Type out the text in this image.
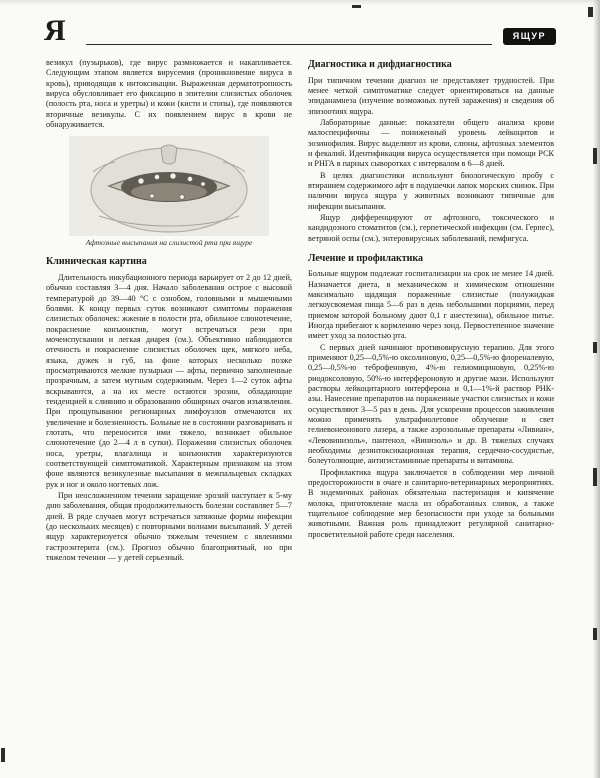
Я	ЯЩУР

везикул (пузырьков), где вирус размножается и накапливается. Следующим этапом является вирусемия (проникновение вируса в кровь), приводящая к интоксикации. Выраженная дерматотропность вируса обусловливает его фиксацию в эпителии слизистых оболочек (полость рта, носа и уретры) и кожи (кисти и стопы), где появляются вторичные везикулы. С их появлением вирус в крови не обнаруживается.

Афтозные высыпания на слизистой рта при ящуре
Клиническая картина

Длительность инкубационного периода варьирует от 2 до 12 дней, обычно составляя 3—4 дня. Начало заболевания острое с высокой температурой до 39—40 °C с ознобом, головными и мышечными болями. К концу первых суток возникают симптомы поражения слизистых оболочек: жжение в полости рта, обильное слюнотечение, покраснение конъюнктив, могут встречаться рези при мочеиспускании и легкая диарея (см.). Объективно наблюдаются отечность и покраснение слизистых оболочек щек, мягкого неба, языка, дужек и губ, на фоне которых несколько позже просматриваются мелкие пузырьки — афты, первично заполненные прозрачным, а затем мутным содержимым. Через 1—2 суток афты вскрываются, а на их месте остаются эрозии, обладающие тенденцией к слиянию и образованию обширных очагов изъязвления. При прощупывании регионарных лимфоузлов отмечаются их увеличение и болезненность. Больные не в состоянии разговаривать и глотать, что переносится ими тяжело, возникает обильное слюнотечение (до 2—4 л в сутки). Поражения слизистых оболочек носа, уретры, влагалища и конъюнктив характеризуются соответствующей симптоматикой. Характерным признаком на этом фоне являются везикулезные высыпания в межпальцевых складках рук и ног и около ногтевых лож.

При неосложненном течении заращение эрозий наступает к 5-му дню заболевания, общая продолжительность болезни составляет 5—7 дней. В ряде случаев могут встречаться затяжные формы инфекции (до нескольких месяцев) с повторными волнами высыпаний. У детей ящур характеризуется обычно тяжелым течением с явлениями гастроэнтерита (см.). Прогноз обычно благоприятный, но при тяжелом течении — у детей серьезный.

Диагностика и дифдиагностика

При типичном течении диагноз не представляет трудностей. При менее четкой симптоматике следует ориентироваться на данные эпиданамнеза (изучение возможных путей заражения) и сведения об эпизоотиях ящура.

Лабораторные данные: показатели общего анализа крови малоспецифичны — пониженный уровень лейкоцитов и эозинофилия. Вирус выделяют из крови, слюны, афтозных элементов и фекалий. Идентификация вируса осуществляется при помощи РСК и РНГА в парных сыворотках с интервалом в 6—8 дней.

В целях диагностики используют биологическую пробу с втиранием содержимого афт в подушечки лапок морских свинок. При наличии вируса ящура у животных возникают типичные для инфекции высыпания.

Ящур дифференцируют от афтозного, токсического и кандидозного стоматитов (см.), герпетической инфекции (см. Герпес), ветряной оспы (см.), энтеровирусных заболеваний, пемфигуса.

Лечение и профилактика

Больные ящуром подлежат госпитализации на срок не менее 14 дней. Назначается диета, в механическом и химическом отношении максимально щадящая пораженные слизистые (полужидкая легкоусвояемая пища 5—6 раз в день небольшими порциями, перед приемом которой больному дают 0,1 г анестезина), обильное питье. Иногда прибегают к кормлению через зонд. Первостепенное значение имеет уход за полостью рта.

С первых дней начинают противовирусную терапию. Для этого применяют 0,25—0,5%-ю оксолиновую, 0,25—0,5%-ю флореналевую, 0,25—0,5%-ю теброфеновую, 4%-ю гелиомициновую, 0,25%-ю риодоксоловую, 50%-ю интерфероновую и другие мази. Используют растворы лейкоцитарного интерферона и 0,1—1%-й раствор РНК-азы. Нанесение препаратов на пораженные участки слизистых и кожи осуществляют 3—5 раз в день. Для ускорения процессов заживления можно применять ультрафиолетовое облучение и свет гелиевонеонового лазера, а также аэрозольные препараты «Ливиан», «Левовинизоль», пантенол, «Винизоль» и др. В тяжелых случаях необходимы дезинтоксикационная терапия, сердечно-сосудистые, болеутоляющие, антигистаминные препараты и витамины.

Профилактика ящура заключается в соблюдении мер личной предосторожности в очаге и санитарно-ветеринарных мероприятиях. В эндемичных районах обязательна пастеризация и кипячение молока, приготовление масла из обработанных сливок, а также тщательное соблюдение мер безопасности при уходе за больными животными. Важная роль принадлежит регулярной санитарно-просветительной работе среди населения.
